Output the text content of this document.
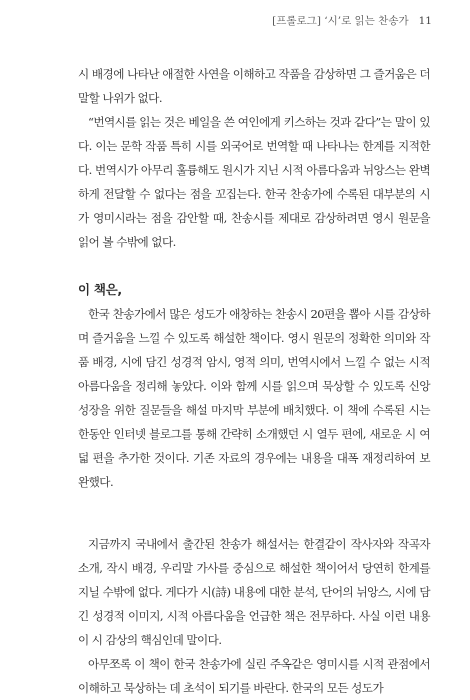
[프롤로그] ‘시’로 읽는 찬송가 11

시 배경에 나타난 애절한 사연을 이해하고 작품을 감상하면 그 즐거움은 더 말할 나위가 없다.

“번역시를 읽는 것은 베일을 쓴 여인에게 키스하는 것과 같다”는 말이 있다. 이는 문학 작품 특히 시를 외국어로 번역할 때 나타나는 한계를 지적한다. 번역시가 아무리 훌륭해도 원시가 지닌 시적 아름다움과 뉘앙스는 완벽하게 전달할 수 없다는 점을 꼬집는다. 한국 찬송가에 수록된 대부분의 시가 영미시라는 점을 감안할 때, 찬송시를 제대로 감상하려면 영시 원문을 읽어 볼 수밖에 없다.

이 책은,

한국 찬송가에서 많은 성도가 애창하는 찬송시 20편을 뽑아 시를 감상하며 즐거움을 느낄 수 있도록 해설한 책이다. 영시 원문의 정확한 의미와 작품 배경, 시에 담긴 성경적 암시, 영적 의미, 번역시에서 느낄 수 없는 시적 아름다움을 정리해 놓았다. 이와 함께 시를 읽으며 묵상할 수 있도록 신앙 성장을 위한 질문들을 해설 마지막 부분에 배치했다. 이 책에 수록된 시는 한동안 인터넷 블로그를 통해 간략히 소개했던 시 열두 편에, 새로운 시 여덟 편을 추가한 것이다. 기존 자료의 경우에는 내용을 대폭 재정리하여 보완했다.

지금까지 국내에서 출간된 찬송가 해설서는 한결같이 작사자와 작곡자 소개, 작시 배경, 우리말 가사를 중심으로 해설한 책이어서 당연히 한계를 지닐 수밖에 없다. 게다가 시(詩) 내용에 대한 분석, 단어의 뉘앙스, 시에 담긴 성경적 이미지, 시적 아름다움을 언급한 책은 전무하다. 사실 이런 내용이 시 감상의 핵심인데 말이다.

아무쪼록 이 책이 한국 찬송가에 실린 주옥같은 영미시를 시적 관점에서 이해하고 묵상하는 데 초석이 되기를 바란다. 한국의 모든 성도가
